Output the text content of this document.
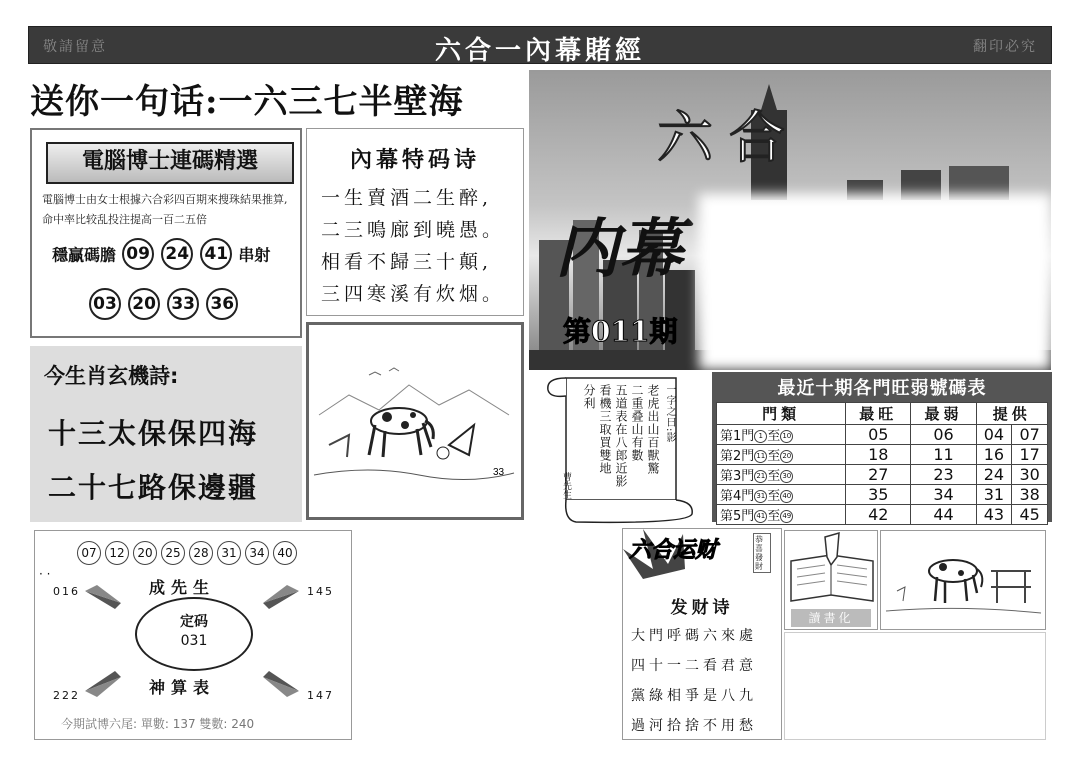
敬請留意	六合一內幕賭經	翻印必究
送你一句话:一六三七半壁海
電腦博士連碼精選
電腦博士由女士根據六合彩四百期來搜珠結果推算,命中率比较乱投注提高一百二五倍
穩贏碼膽 09 24 41 串射
03 20 33 36
內幕特码诗
一生賣酒二生醉,
二三鳴廊到曉愚。
相看不歸三十顛,
三四寒溪有炊烟。
今生肖玄機詩:
十三太保保四海
二十七路保邊疆	33
六合
内幕
第011期
一字之曰:影
老虎出山百獸驚
二重叠山有數
五道表在八郎近影
看機三取買雙地
分利
曹先生
最近十期各門旺弱號碼表
門類	最旺	最弱	提供	
第1門 1 至 10	05	06	04	07
第2門 11 至 20	18	11	16	17
第3門 21 至 30	27	23	24	30
第4門 31 至 40	35	34	31	38
第5門 41 至 49	42	44	43	45
07 12 20 25 28 31 34 40
· ·
016	145
222	147
成先生
神算表
定码
031
今期試博六尾: 單數: 137 雙數: 240
六合运财	恭喜發財
发财诗
大門呼碼六來處
四十一二看君意
黨綠相爭是八九
過河拾捨不用愁
讀書化
